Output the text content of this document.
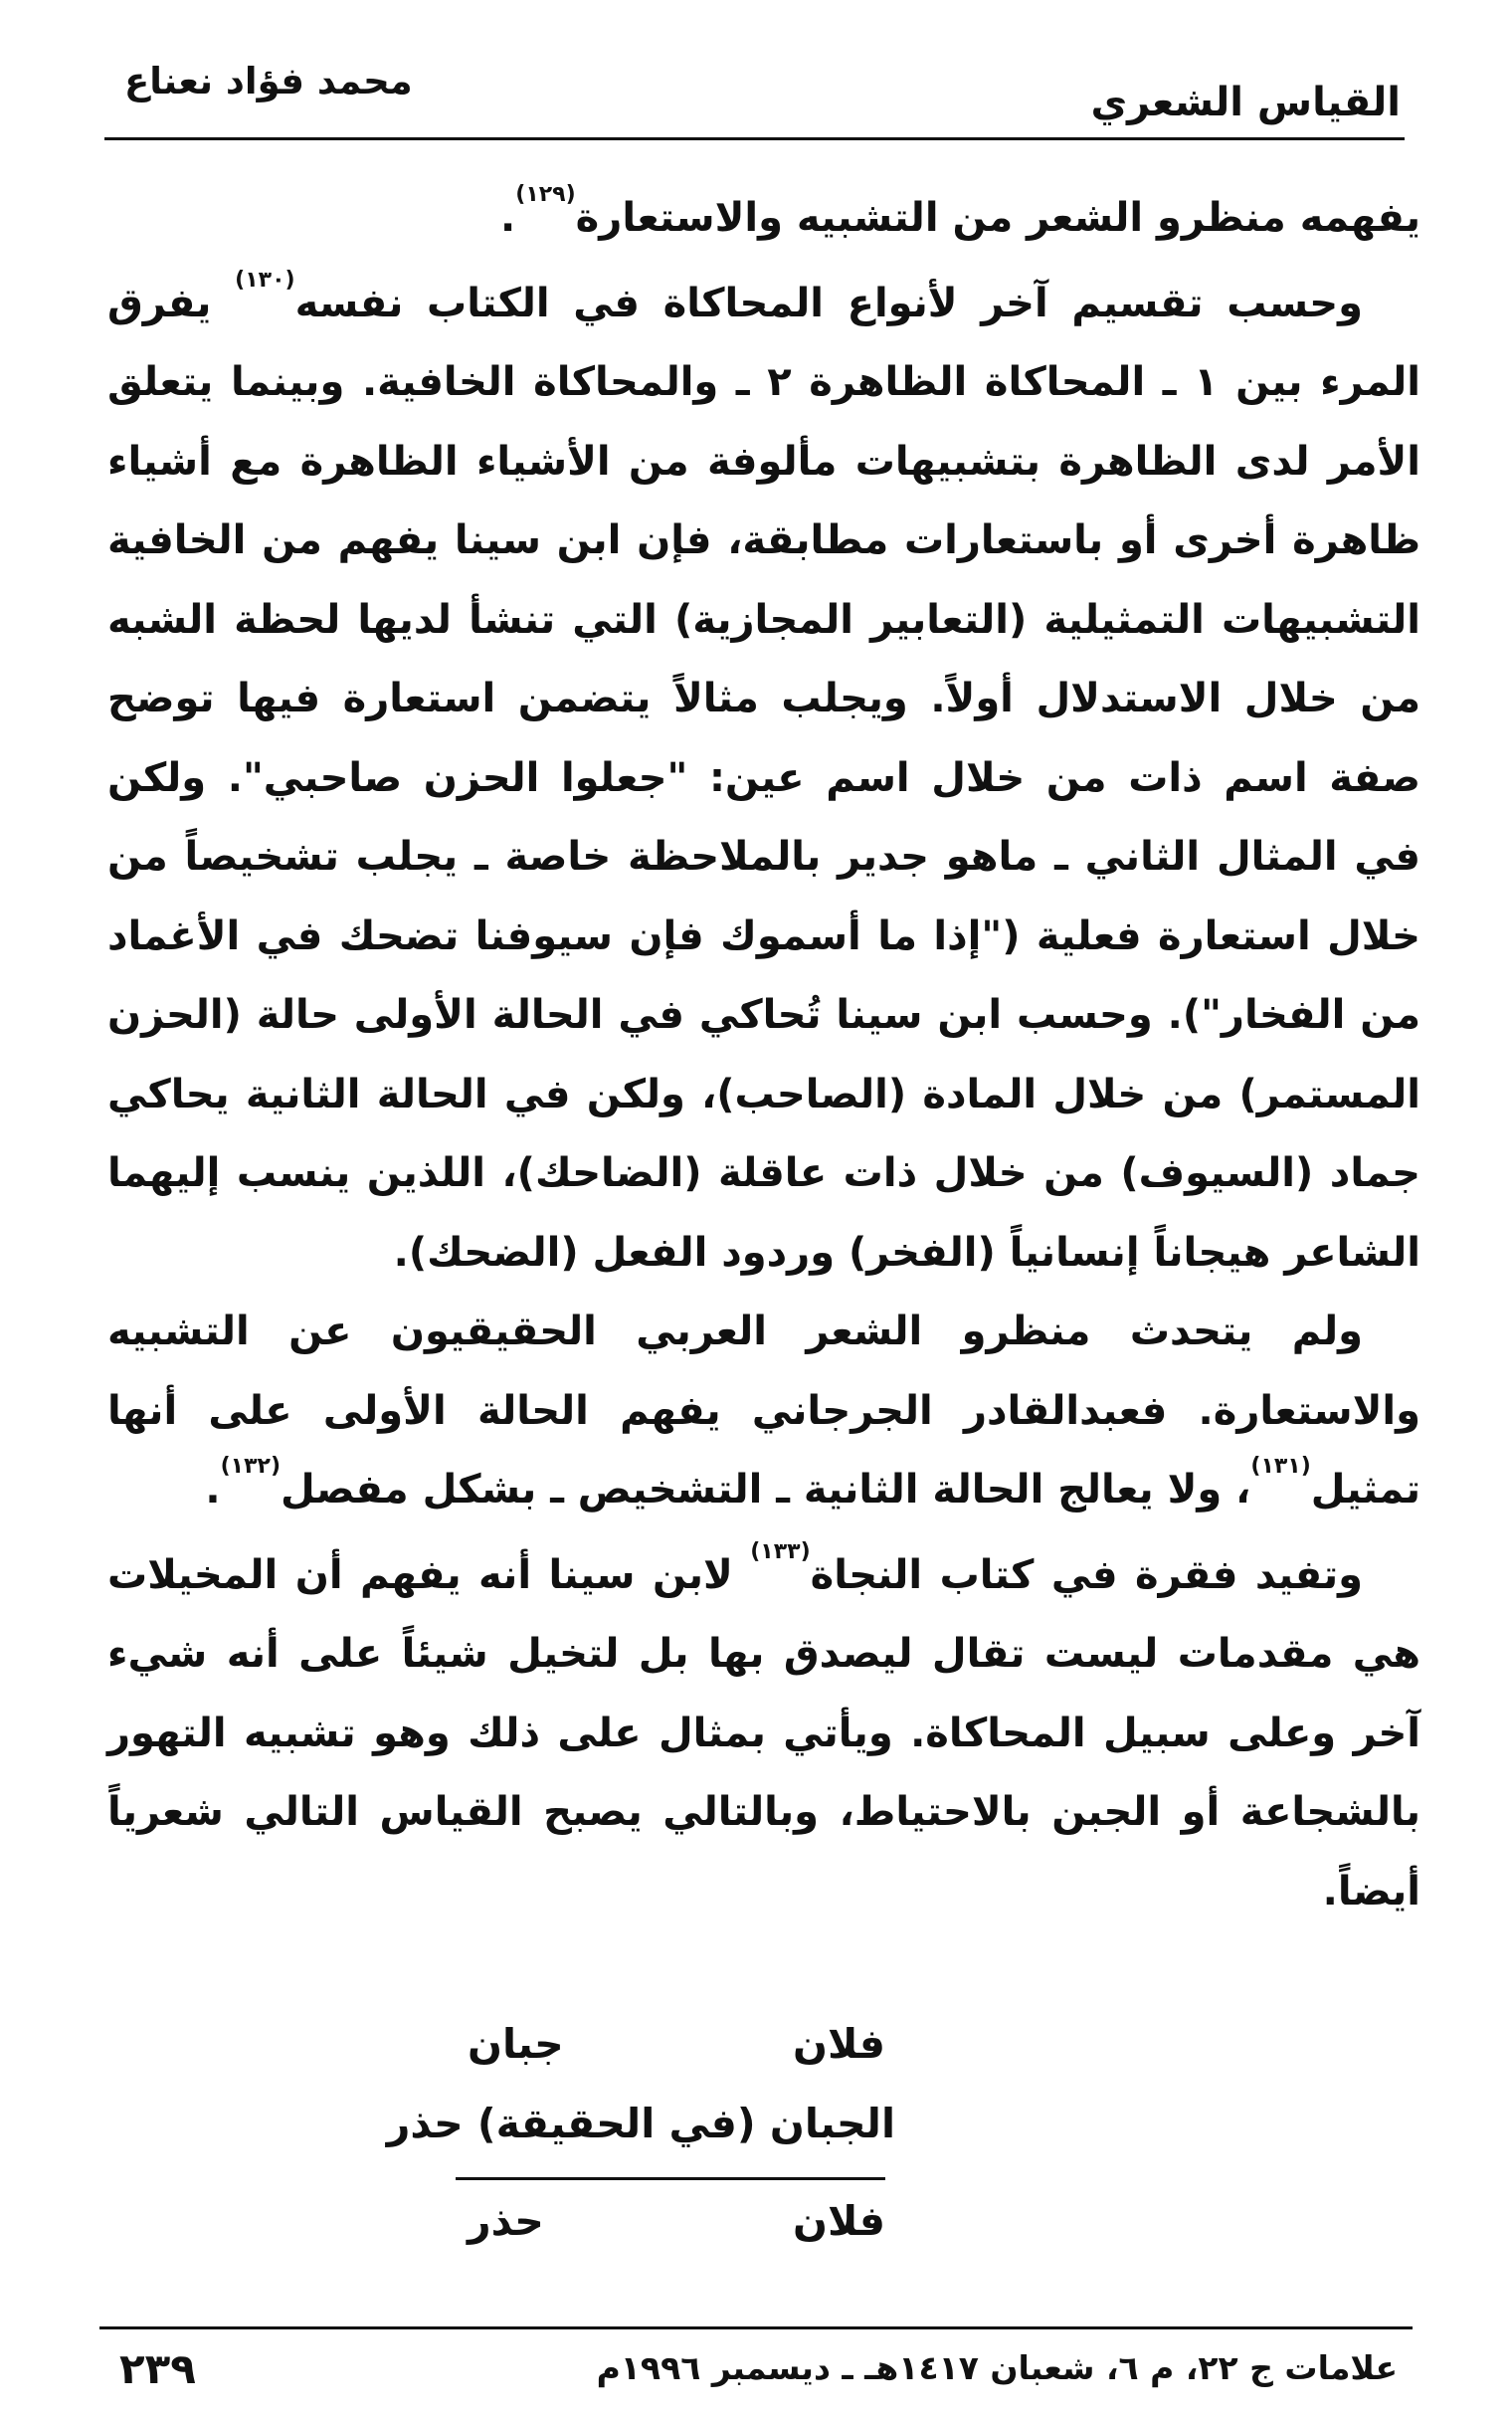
القياس الشعري
محمد فؤاد نعناع

يفهمه منظرو الشعر من التشبيه والاستعارة$^{(١٢٩)}$.

وحسب تقسيم آخر لأنواع المحاكاة في الكتاب نفسه$^{(١٣٠)}$ يفرق المرء بين ١ ـ المحاكاة الظاهرة ٢ ـ والمحاكاة الخافية. وبينما يتعلق الأمر لدى الظاهرة بتشبيهات مألوفة من الأشياء الظاهرة مع أشياء ظاهرة أخرى أو باستعارات مطابقة، فإن ابن سينا يفهم من الخافية التشبيهات التمثيلية (التعابير المجازية) التي تنشأ لديها لحظة الشبه من خلال الاستدلال أولاً. ويجلب مثالاً يتضمن استعارة فيها توضح صفة اسم ذات من خلال اسم عين: "جعلوا الحزن صاحبي". ولكن في المثال الثاني ـ ماهو جدير بالملاحظة خاصة ـ يجلب تشخيصاً من خلال استعارة فعلية ("إذا ما أسموك فإن سيوفنا تضحك في الأغماد من الفخار"). وحسب ابن سينا تُحاكي في الحالة الأولى حالة (الحزن المستمر) من خلال المادة (الصاحب)، ولكن في الحالة الثانية يحاكي جماد (السيوف) من خلال ذات عاقلة (الضاحك)، اللذين ينسب إليهما الشاعر هيجاناً إنسانياً (الفخر) وردود الفعل (الضحك).

ولم يتحدث منظرو الشعر العربي الحقيقيون عن التشبيه والاستعارة. فعبدالقادر الجرجاني يفهم الحالة الأولى على أنها تمثيل$^{(١٣١)}$، ولا يعالج الحالة الثانية ـ التشخيص ـ بشكل مفصل$^{(١٣٢)}$.

وتفيد فقرة في كتاب النجاة$^{(١٣٣)}$ لابن سينا أنه يفهم أن المخيلات هي مقدمات ليست تقال ليصدق بها بل لتخيل شيئاً على أنه شيء آخر وعلى سبيل المحاكاة. ويأتي بمثال على ذلك وهو تشبيه التهور بالشجاعة أو الجبن بالاحتياط، وبالتالي يصبح القياس التالي شعرياً أيضاً.

فلان
جبان
الجبان (في الحقيقة) حذر
فلان
حذر
علامات ج ٢٢، م ٦، شعبان ١٤١٧هـ ـ ديسمبر ١٩٩٦م
٢٣٩
